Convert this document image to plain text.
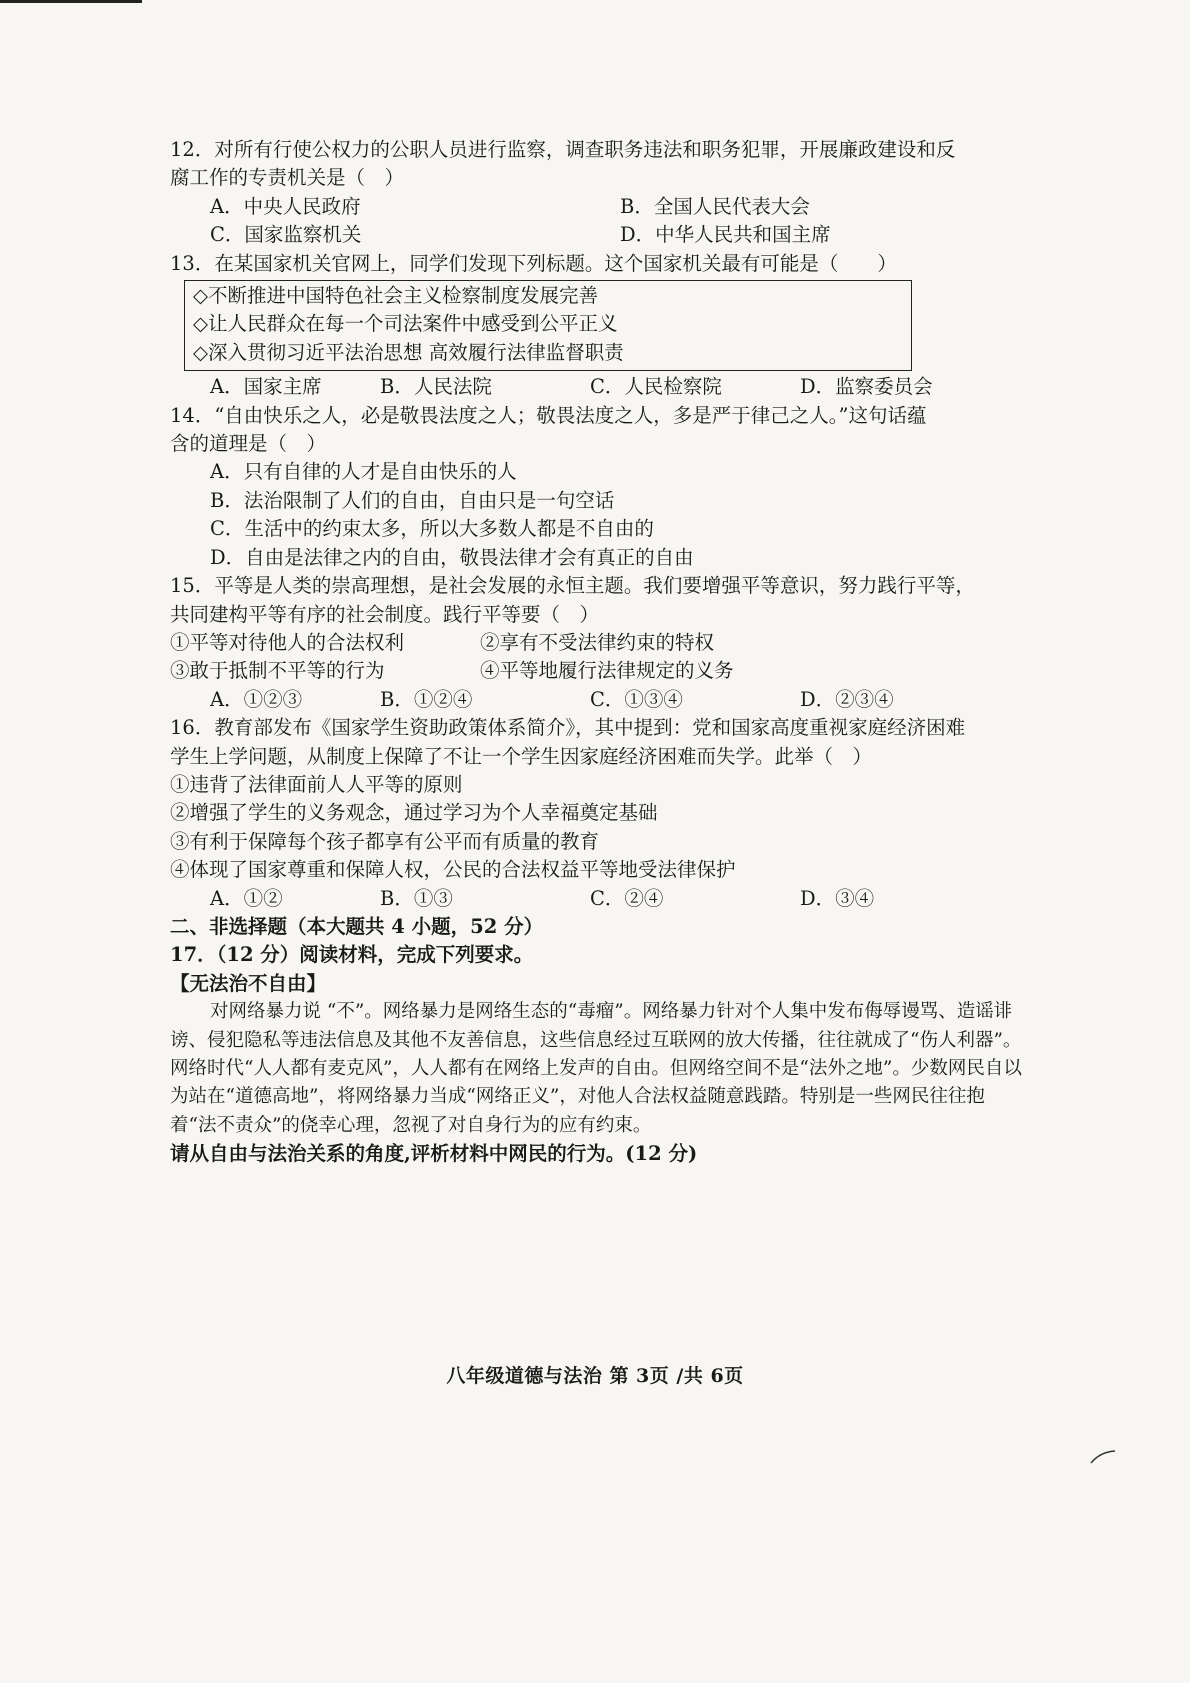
12．对所有行使公权力的公职人员进行监察，调查职务违法和职务犯罪，开展廉政建设和反
腐工作的专责机关是（　）
A．中央人民政府	B．全国人民代表大会
C．国家监察机关	D．中华人民共和国主席
13．在某国家机关官网上，同学们发现下列标题。这个国家机关最有可能是（　　）
◇不断推进中国特色社会主义检察制度发展完善
◇让人民群众在每一个司法案件中感受到公平正义
◇深入贯彻习近平法治思想 高效履行法律监督职责
A．国家主席	B．人民法院	C．人民检察院	D．监察委员会
14．“自由快乐之人，必是敬畏法度之人；敬畏法度之人，多是严于律己之人。”这句话蕴
含的道理是（　）
A．只有自律的人才是自由快乐的人
B．法治限制了人们的自由，自由只是一句空话
C．生活中的约束太多，所以大多数人都是不自由的
D．自由是法律之内的自由，敬畏法律才会有真正的自由
15．平等是人类的崇高理想，是社会发展的永恒主题。我们要增强平等意识，努力践行平等，
共同建构平等有序的社会制度。践行平等要（　）
①平等对待他人的合法权利	②享有不受法律约束的特权
③敢于抵制不平等的行为	④平等地履行法律规定的义务
A．①②③	B．①②④	C．①③④	D．②③④
16．教育部发布《国家学生资助政策体系简介》，其中提到：党和国家高度重视家庭经济困难
学生上学问题，从制度上保障了不让一个学生因家庭经济困难而失学。此举（　）
①违背了法律面前人人平等的原则
②增强了学生的义务观念，通过学习为个人幸福奠定基础
③有利于保障每个孩子都享有公平而有质量的教育
④体现了国家尊重和保障人权，公民的合法权益平等地受法律保护
A．①②	B．①③	C．②④	D．③④
二、非选择题（本大题共 4 小题，52 分）
17．（12 分）阅读材料，完成下列要求。
【无法治不自由】

对网络暴力说 “不”。网络暴力是网络生态的“毒瘤”。网络暴力针对个人集中发布侮辱谩骂、造谣诽谤、侵犯隐私等违法信息及其他不友善信息，这些信息经过互联网的放大传播，往往就成了“伤人利器”。网络时代“人人都有麦克风”，人人都有在网络上发声的自由。但网络空间不是“法外之地”。少数网民自以为站在“道德高地”，将网络暴力当成“网络正义”，对他人合法权益随意践踏。特别是一些网民往往抱着“法不责众”的侥幸心理，忽视了对自身行为的应有约束。

请从自由与法治关系的角度,评析材料中网民的行为。(12 分)
八年级道德与法治 第 3页 /共 6页
